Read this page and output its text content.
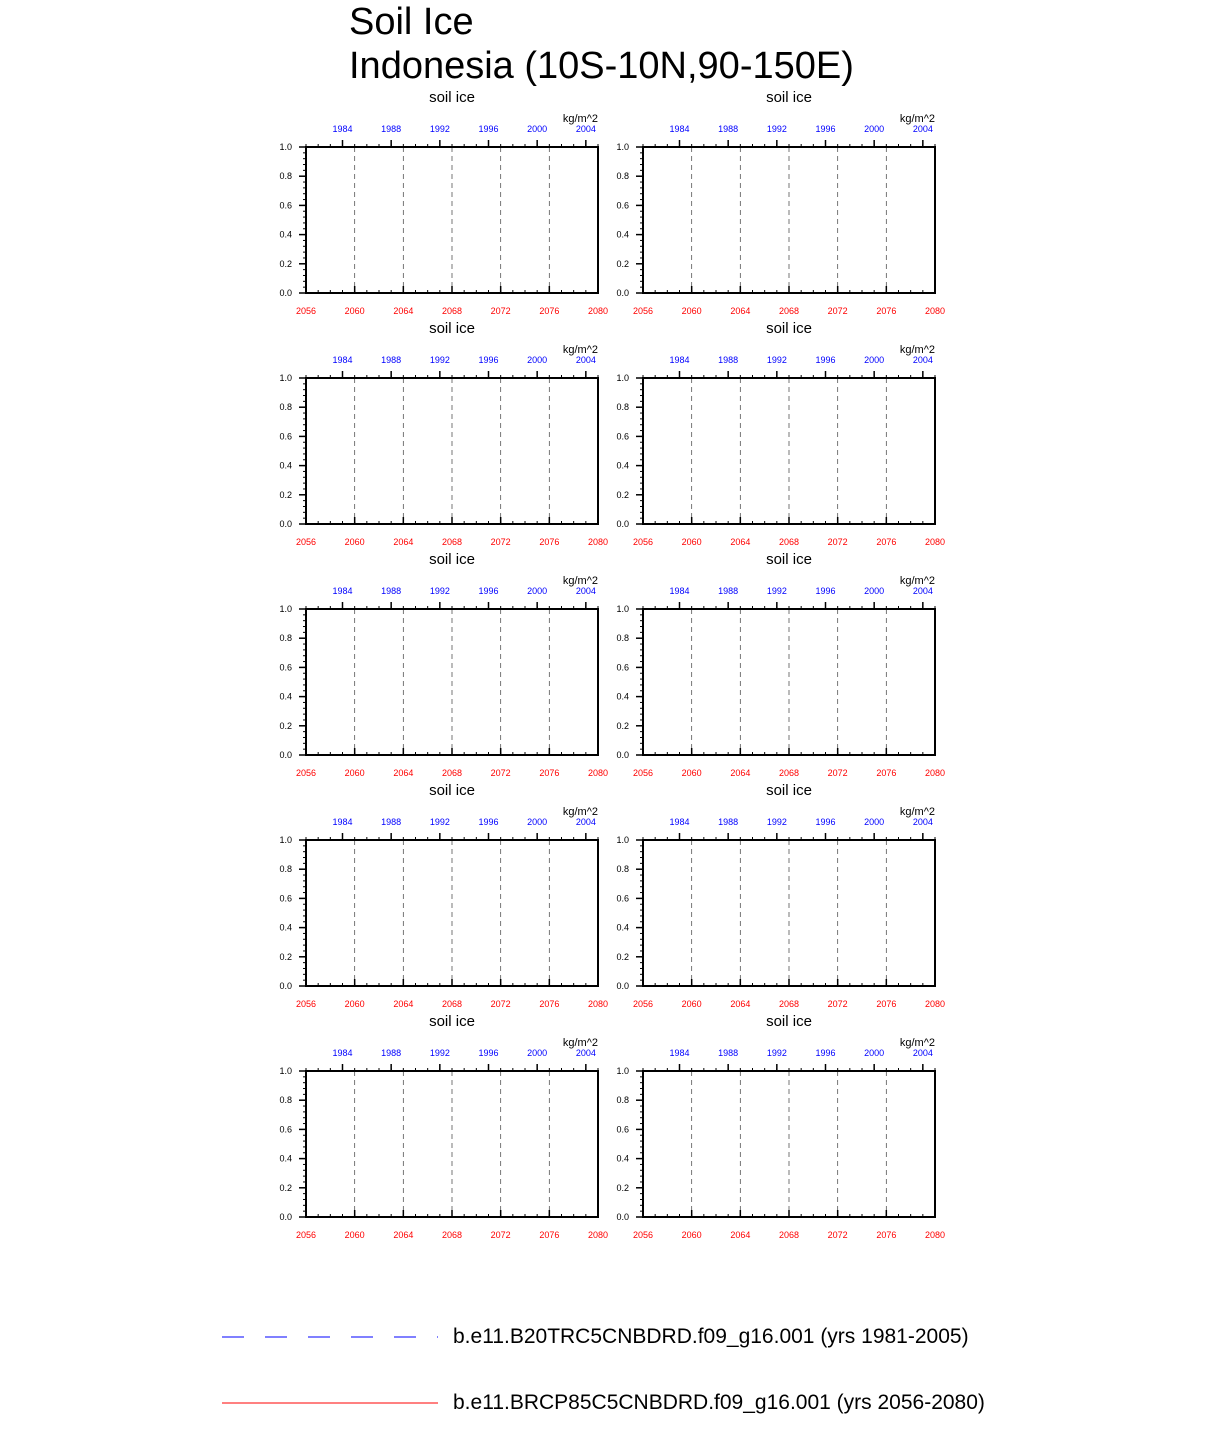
Soil Ice
Indonesia (10S-10N,90-150E)
soil ice
kg/m^2
2056	2060	2064	2068	2072	2076	2080
1984	1988	1992	1996	2000	2004
0.0
0.2
0.4
0.6
0.8
1.0
soil ice
kg/m^2
2056	2060	2064	2068	2072	2076	2080
1984	1988	1992	1996	2000	2004
0.0
0.2
0.4
0.6
0.8
1.0
soil ice
kg/m^2
2056	2060	2064	2068	2072	2076	2080
1984	1988	1992	1996	2000	2004
0.0
0.2
0.4
0.6
0.8
1.0
soil ice
kg/m^2
2056	2060	2064	2068	2072	2076	2080
1984	1988	1992	1996	2000	2004
0.0
0.2
0.4
0.6
0.8
1.0
soil ice
kg/m^2
2056	2060	2064	2068	2072	2076	2080
1984	1988	1992	1996	2000	2004
0.0
0.2
0.4
0.6
0.8
1.0
soil ice
kg/m^2
2056	2060	2064	2068	2072	2076	2080
1984	1988	1992	1996	2000	2004
0.0
0.2
0.4
0.6
0.8
1.0
soil ice
kg/m^2
2056	2060	2064	2068	2072	2076	2080
1984	1988	1992	1996	2000	2004
0.0
0.2
0.4
0.6
0.8
1.0
soil ice
kg/m^2
2056	2060	2064	2068	2072	2076	2080
1984	1988	1992	1996	2000	2004
0.0
0.2
0.4
0.6
0.8
1.0
soil ice
kg/m^2
2056	2060	2064	2068	2072	2076	2080
1984	1988	1992	1996	2000	2004
0.0
0.2
0.4
0.6
0.8
1.0
soil ice
kg/m^2
2056	2060	2064	2068	2072	2076	2080
1984	1988	1992	1996	2000	2004
0.0
0.2
0.4
0.6
0.8
1.0
b.e11.B20TRC5CNBDRD.f09_g16.001 (yrs 1981-2005)
b.e11.BRCP85C5CNBDRD.f09_g16.001 (yrs 2056-2080)
